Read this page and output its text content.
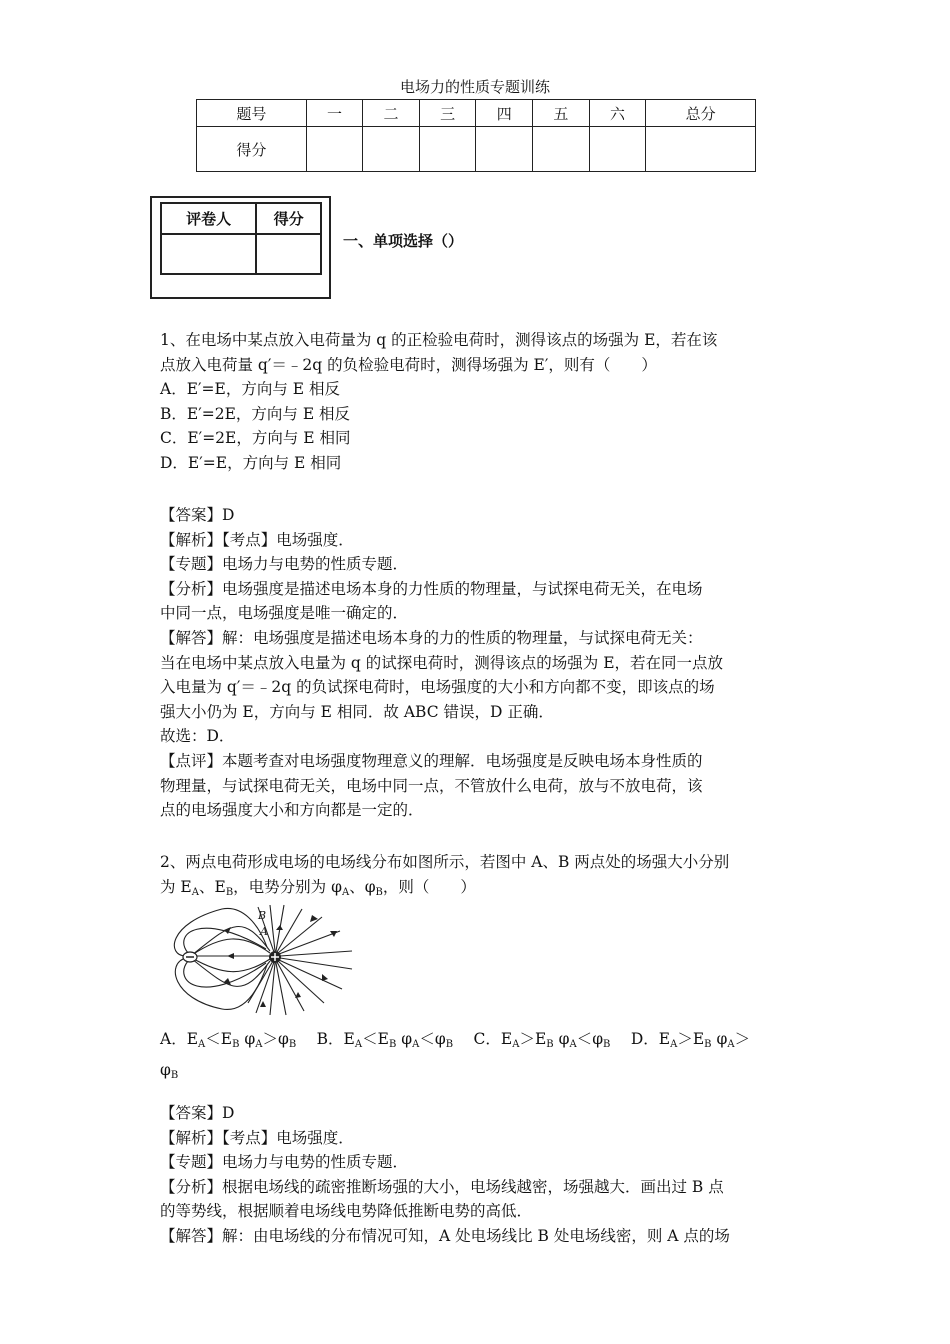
电场力的性质专题训练
题号	一	二	三	四	五	六	总分
得分							
评卷人	得分

一、单项选择（）

1、在电场中某点放入电荷量为 q 的正检验电荷时，测得该点的场强为 E，若在该

点放入电荷量 q′＝﹣2q 的负检验电荷时，测得场强为 E′，则有（　　）

A．E′=E，方向与 E 相反

B．E′=2E，方向与 E 相反

C．E′=2E，方向与 E 相同

D．E′=E，方向与 E 相同

【答案】D

【解析】【考点】电场强度．

【专题】电场力与电势的性质专题．

【分析】电场强度是描述电场本身的力性质的物理量，与试探电荷无关，在电场

中同一点，电场强度是唯一确定的．

【解答】解：电场强度是描述电场本身的力的性质的物理量，与试探电荷无关：

当在电场中某点放入电量为 q 的试探电荷时，测得该点的场强为 E，若在同一点放

入电量为 q′＝﹣2q 的负试探电荷时，电场强度的大小和方向都不变，即该点的场

强大小仍为 E，方向与 E 相同．故 ABC 错误，D 正确．

故选：D．

【点评】本题考查对电场强度物理意义的理解．电场强度是反映电场本身性质的

物理量，与试探电荷无关，电场中同一点，不管放什么电荷，放与不放电荷，该

点的电场强度大小和方向都是一定的．

2、两点电荷形成电场的电场线分布如图所示，若图中 A、B 两点处的场强大小分别

为 $E_A$、$E_B$，电势分别为 $\varphi_A$、$\varphi_B$，则（　　）

B
A

A．$E_A<E_B$ $\varphi_A>\varphi_B$　 B．$E_A<E_B$ $\varphi_A<\varphi_B$　 C．$E_A>E_B$ $\varphi_A<\varphi_B$　 D．$E_A>E_B$ $\varphi_A>$

$\varphi_B$

【答案】D

【解析】【考点】电场强度．

【专题】电场力与电势的性质专题．

【分析】根据电场线的疏密推断场强的大小，电场线越密，场强越大．画出过 B 点

的等势线，根据顺着电场线电势降低推断电势的高低．

【解答】解：由电场线的分布情况可知，A 处电场线比 B 处电场线密，则 A 点的场
